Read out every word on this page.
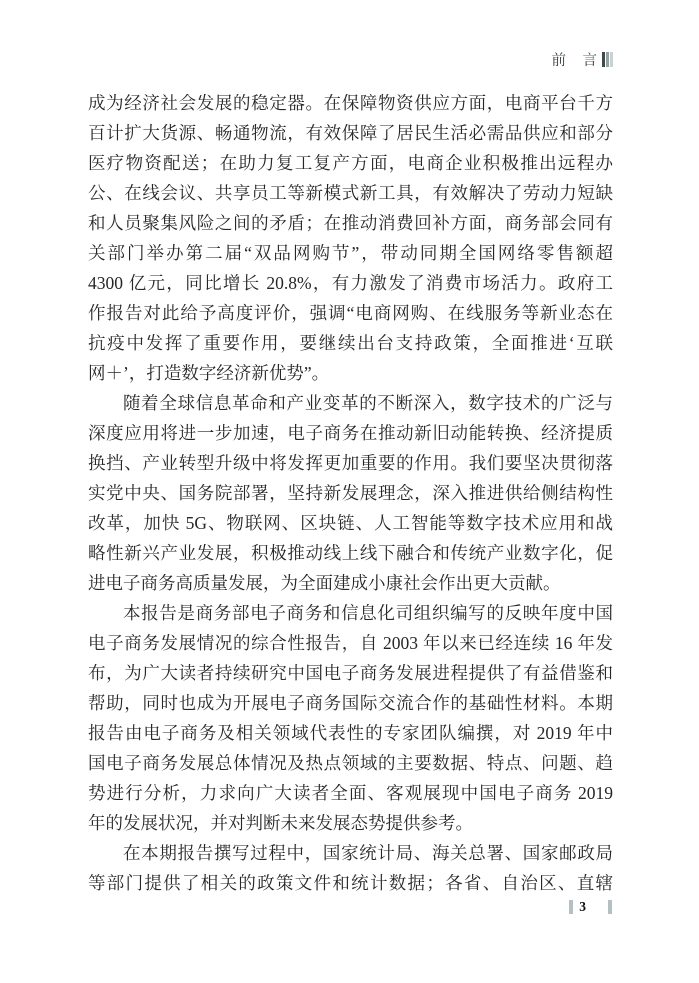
前　言
成为经济社会发展的稳定器。在保障物资供应方面，电商平台千方
百计扩大货源、畅通物流，有效保障了居民生活必需品供应和部分
医疗物资配送；在助力复工复产方面，电商企业积极推出远程办
公、在线会议、共享员工等新模式新工具，有效解决了劳动力短缺
和人员聚集风险之间的矛盾；在推动消费回补方面，商务部会同有
关部门举办第二届“双品网购节”，带动同期全国网络零售额超
4300 亿元，同比增长 20.8%，有力激发了消费市场活力。政府工
作报告对此给予高度评价，强调“电商网购、在线服务等新业态在
抗疫中发挥了重要作用，要继续出台支持政策，全面推进‘互联
网＋’，打造数字经济新优势”。
随着全球信息革命和产业变革的不断深入，数字技术的广泛与
深度应用将进一步加速，电子商务在推动新旧动能转换、经济提质
换挡、产业转型升级中将发挥更加重要的作用。我们要坚决贯彻落
实党中央、国务院部署，坚持新发展理念，深入推进供给侧结构性
改革，加快 5G、物联网、区块链、人工智能等数字技术应用和战
略性新兴产业发展，积极推动线上线下融合和传统产业数字化，促
进电子商务高质量发展，为全面建成小康社会作出更大贡献。
本报告是商务部电子商务和信息化司组织编写的反映年度中国
电子商务发展情况的综合性报告，自 2003 年以来已经连续 16 年发
布，为广大读者持续研究中国电子商务发展进程提供了有益借鉴和
帮助，同时也成为开展电子商务国际交流合作的基础性材料。本期
报告由电子商务及相关领域代表性的专家团队编撰，对 2019 年中
国电子商务发展总体情况及热点领域的主要数据、特点、问题、趋
势进行分析，力求向广大读者全面、客观展现中国电子商务 2019
年的发展状况，并对判断未来发展态势提供参考。
在本期报告撰写过程中，国家统计局、海关总署、国家邮政局
等部门提供了相关的政策文件和统计数据；各省、自治区、直辖
3
